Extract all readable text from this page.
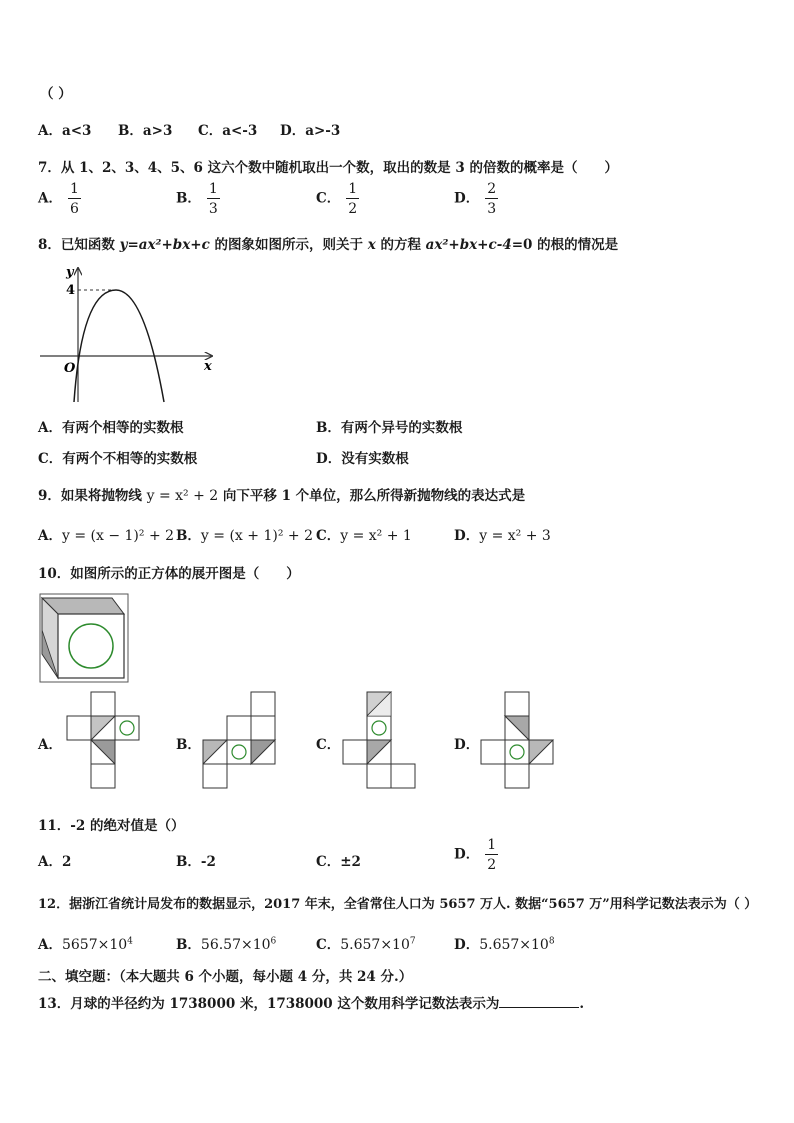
（ ）
A．a<3 B．a>3 C．a<-3 D．a>-3
7．从 1、2、3、4、5、6 这六个数中随机取出一个数，取出的数是 3 的倍数的概率是（　　）
A． $\frac{1}{6}$	B． $\frac{1}{3}$	C． $\frac{1}{2}$	D． $\frac{2}{3}$
8．已知函数 y=ax²+bx+c 的图象如图所示，则关于 x 的方程 ax²+bx+c-4=0 的根的情况是
y
x
O
4
A．有两个相等的实数根	B．有两个异号的实数根
C．有两个不相等的实数根	D．没有实数根
9．如果将抛物线 y = x² + 2 向下平移 1 个单位，那么所得新抛物线的表达式是
A．y = (x − 1)² + 2 B．y = (x + 1)² + 2 C．y = x² + 1	D．y = x² + 3
10．如图所示的正方体的展开图是（　　）
A．	B．	C．	D．
11．-2 的绝对值是（）
A．2	B．-2	C．±2	D． $\frac{1}{2}$
12．据浙江省统计局发布的数据显示，2017 年末，全省常住人口为 5657 万人. 数据“5657 万”用科学记数法表示为（ ）
A．$5657\times 10^4$	B．$56.57\times 10^6$	C．$5.657\times 10^7$	D．$5.657\times 10^8$
二、填空题：（本大题共 6 个小题，每小题 4 分，共 24 分.）
13．月球的半径约为 1738000 米，1738000 这个数用科学记数法表示为	.
